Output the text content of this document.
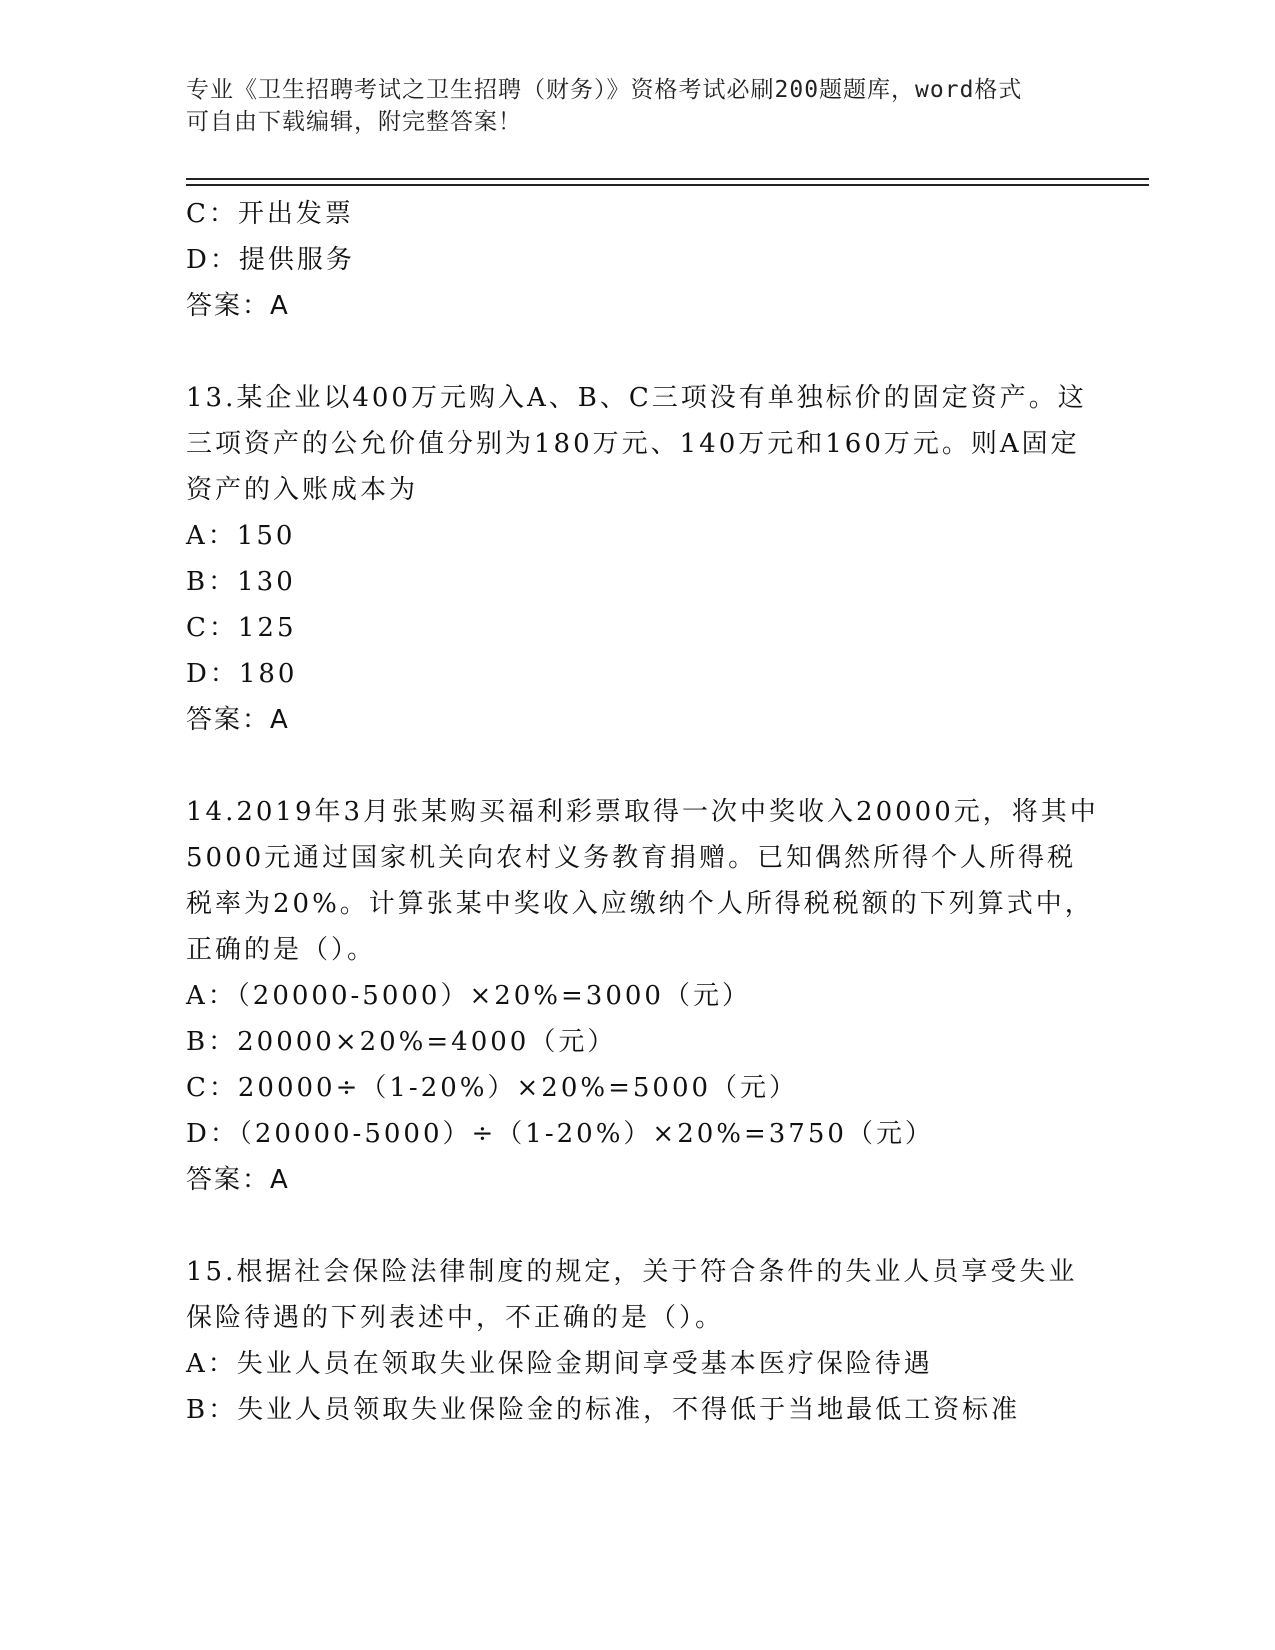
专业《卫生招聘考试之卫生招聘（财务）》资格考试必刷200题题库，word格式
可自由下载编辑，附完整答案！
C：开出发票
D：提供服务
答案：A
13.某企业以400万元购入A、B、C三项没有单独标价的固定资产。这
三项资产的公允价值分别为180万元、140万元和160万元。则A固定
资产的入账成本为
A：150
B：130
C：125
D：180
答案：A
14.2019年3月张某购买福利彩票取得一次中奖收入20000元，将其中
5000元通过国家机关向农村义务教育捐赠。已知偶然所得个人所得税
税率为20%。计算张某中奖收入应缴纳个人所得税税额的下列算式中，
正确的是（）。
A：（20000-5000）×20%=3000（元）
B：20000×20%=4000（元）
C：20000÷（1-20%）×20%=5000（元）
D：（20000-5000）÷（1-20%）×20%=3750（元）
答案：A
15.根据社会保险法律制度的规定，关于符合条件的失业人员享受失业
保险待遇的下列表述中，不正确的是（）。
A：失业人员在领取失业保险金期间享受基本医疗保险待遇
B：失业人员领取失业保险金的标准，不得低于当地最低工资标准
